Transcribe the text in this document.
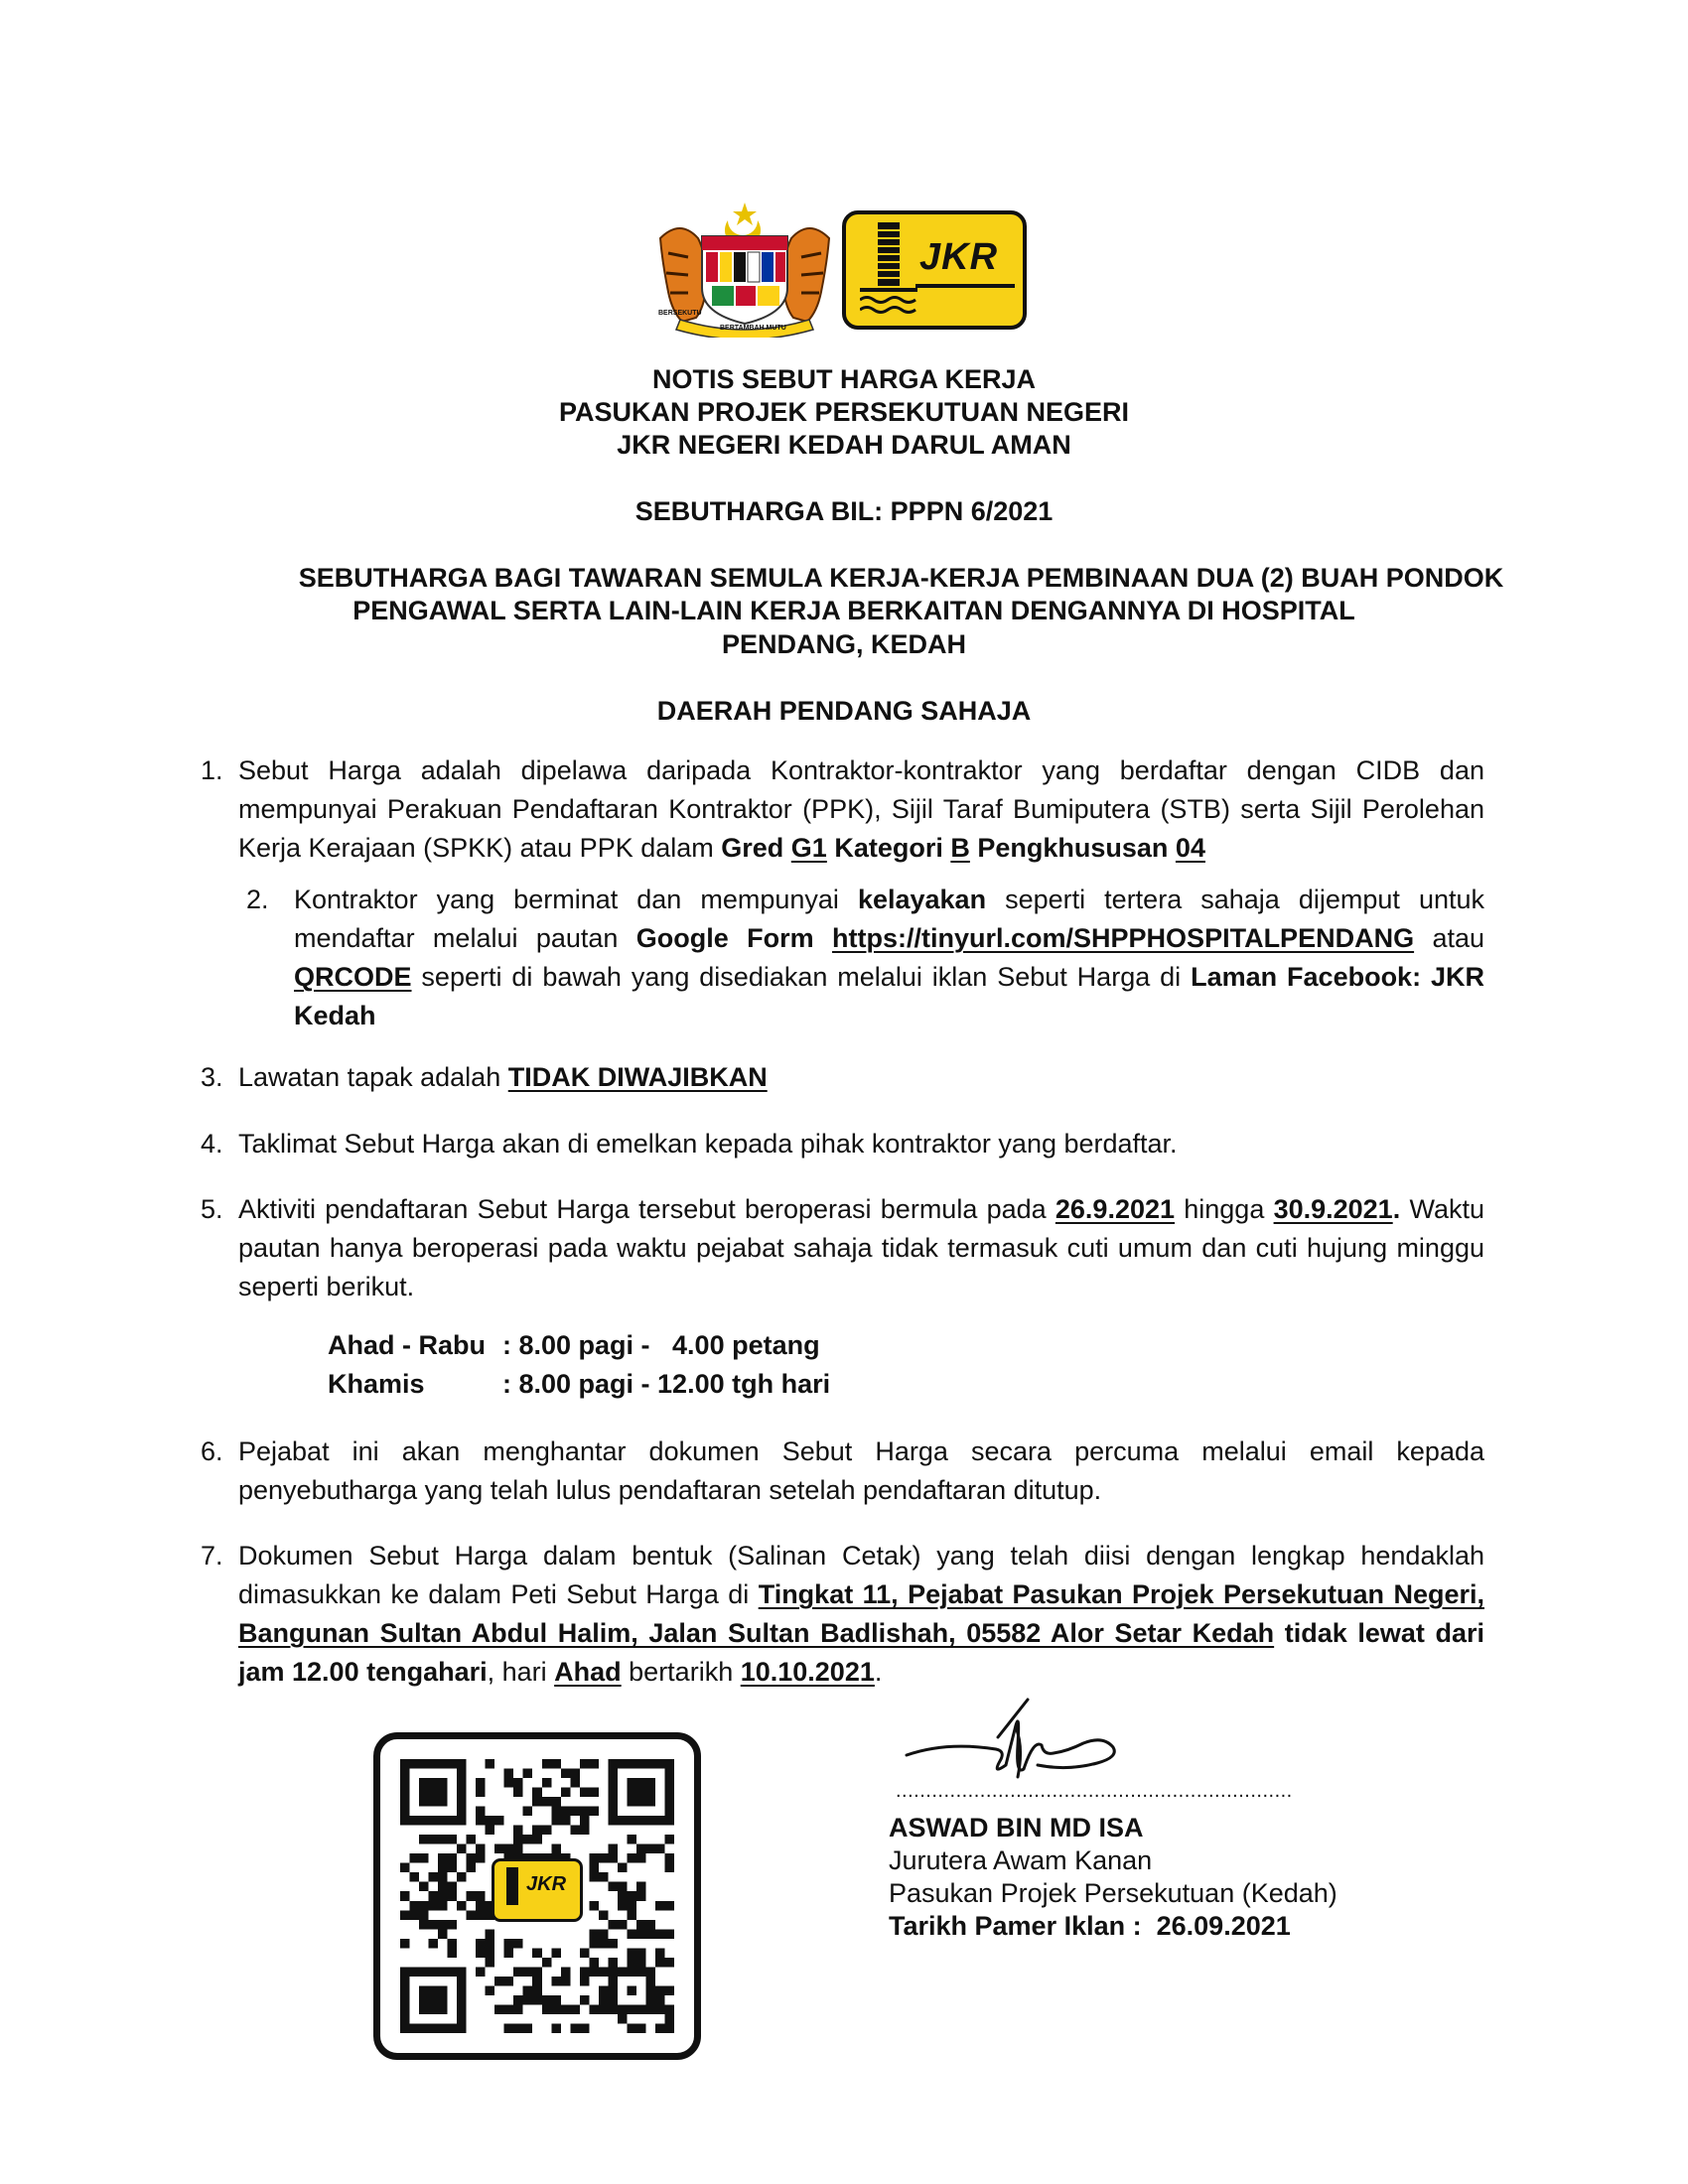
BERSEKUTU
BERTAMBAH MUTU
JKR
NOTIS SEBUT HARGA KERJA
PASUKAN PROJEK PERSEKUTUAN NEGERI
JKR NEGERI KEDAH DARUL AMAN
SEBUTHARGA BIL: PPPN 6/2021
SEBUTHARGA BAGI TAWARAN SEMULA KERJA-KERJA PEMBINAAN DUA (2) BUAH PONDOK
PENGAWAL SERTA LAIN-LAIN KERJA BERKAITAN DENGANNYA DI HOSPITAL
PENDANG, KEDAH
DAERAH PENDANG SAHAJA
1. Sebut Harga adalah dipelawa daripada Kontraktor-kontraktor yang berdaftar dengan CIDB dan mempunyai Perakuan Pendaftaran Kontraktor (PPK), Sijil Taraf Bumiputera (STB) serta Sijil Perolehan Kerja Kerajaan (SPKK) atau PPK dalam Gred G1 Kategori B Pengkhususan 04
2. Kontraktor yang berminat dan mempunyai kelayakan seperti tertera sahaja dijemput untuk mendaftar melalui pautan Google Form https://tinyurl.com/SHPPHOSPITALPENDANG atau QRCODE seperti di bawah yang disediakan melalui iklan Sebut Harga di Laman Facebook: JKR Kedah
3. Lawatan tapak adalah TIDAK DIWAJIBKAN
4. Taklimat Sebut Harga akan di emelkan kepada pihak kontraktor yang berdaftar.
5. Aktiviti pendaftaran Sebut Harga tersebut beroperasi bermula pada 26.9.2021 hingga 30.9.2021. Waktu pautan hanya beroperasi pada waktu pejabat sahaja tidak termasuk cuti umum dan cuti hujung minggu seperti berikut.
Ahad - Rabu : 8.00 pagi -   4.00 petang
Khamis	: 8.00 pagi - 12.00 tgh hari
6. Pejabat ini akan menghantar dokumen Sebut Harga secara percuma melalui email kepada penyebutharga yang telah lulus pendaftaran setelah pendaftaran ditutup.
7. Dokumen Sebut Harga dalam bentuk (Salinan Cetak) yang telah diisi dengan lengkap hendaklah dimasukkan ke dalam Peti Sebut Harga di Tingkat 11, Pejabat Pasukan Projek Persekutuan Negeri, Bangunan Sultan Abdul Halim, Jalan Sultan Badlishah, 05582 Alor Setar Kedah tidak lewat dari jam 12.00 tengahari, hari Ahad bertarikh 10.10.2021.
JKR
..................................................................
ASWAD BIN MD ISA
Jurutera Awam Kanan
Pasukan Projek Persekutuan (Kedah)
Tarikh Pamer Iklan : 26.09.2021
